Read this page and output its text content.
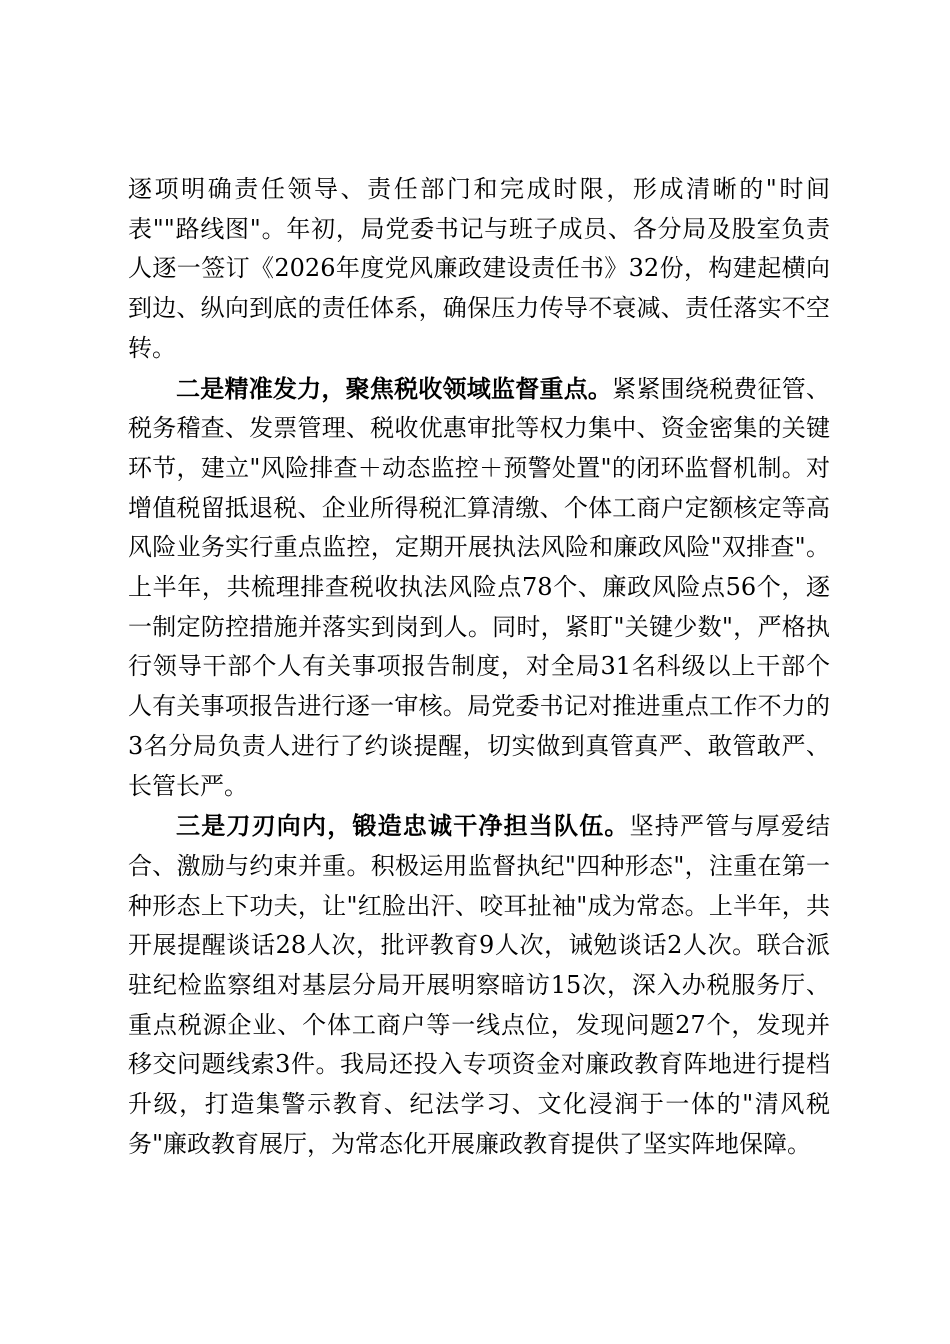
逐项明确责任领导、责任部门和完成时限，形成清晰的"时间表""路线图"。年初，局党委书记与班子成员、各分局及股室负责人逐一签订《2026年度党风廉政建设责任书》32份，构建起横向到边、纵向到底的责任体系，确保压力传导不衰减、责任落实不空转。

二是精准发力，聚焦税收领域监督重点。紧紧围绕税费征管、税务稽查、发票管理、税收优惠审批等权力集中、资金密集的关键环节，建立"风险排查＋动态监控＋预警处置"的闭环监督机制。对增值税留抵退税、企业所得税汇算清缴、个体工商户定额核定等高风险业务实行重点监控，定期开展执法风险和廉政风险"双排查"。上半年，共梳理排查税收执法风险点78个、廉政风险点56个，逐一制定防控措施并落实到岗到人。同时，紧盯"关键少数"，严格执行领导干部个人有关事项报告制度，对全局31名科级以上干部个人有关事项报告进行逐一审核。局党委书记对推进重点工作不力的3名分局负责人进行了约谈提醒，切实做到真管真严、敢管敢严、长管长严。

三是刀刃向内，锻造忠诚干净担当队伍。坚持严管与厚爱结合、激励与约束并重。积极运用监督执纪"四种形态"，注重在第一种形态上下功夫，让"红脸出汗、咬耳扯袖"成为常态。上半年，共开展提醒谈话28人次，批评教育9人次，诫勉谈话2人次。联合派驻纪检监察组对基层分局开展明察暗访15次，深入办税服务厅、重点税源企业、个体工商户等一线点位，发现问题27个，发现并移交问题线索3件。我局还投入专项资金对廉政教育阵地进行提档升级，打造集警示教育、纪法学习、文化浸润于一体的"清风税务"廉政教育展厅，为常态化开展廉政教育提供了坚实阵地保障。
